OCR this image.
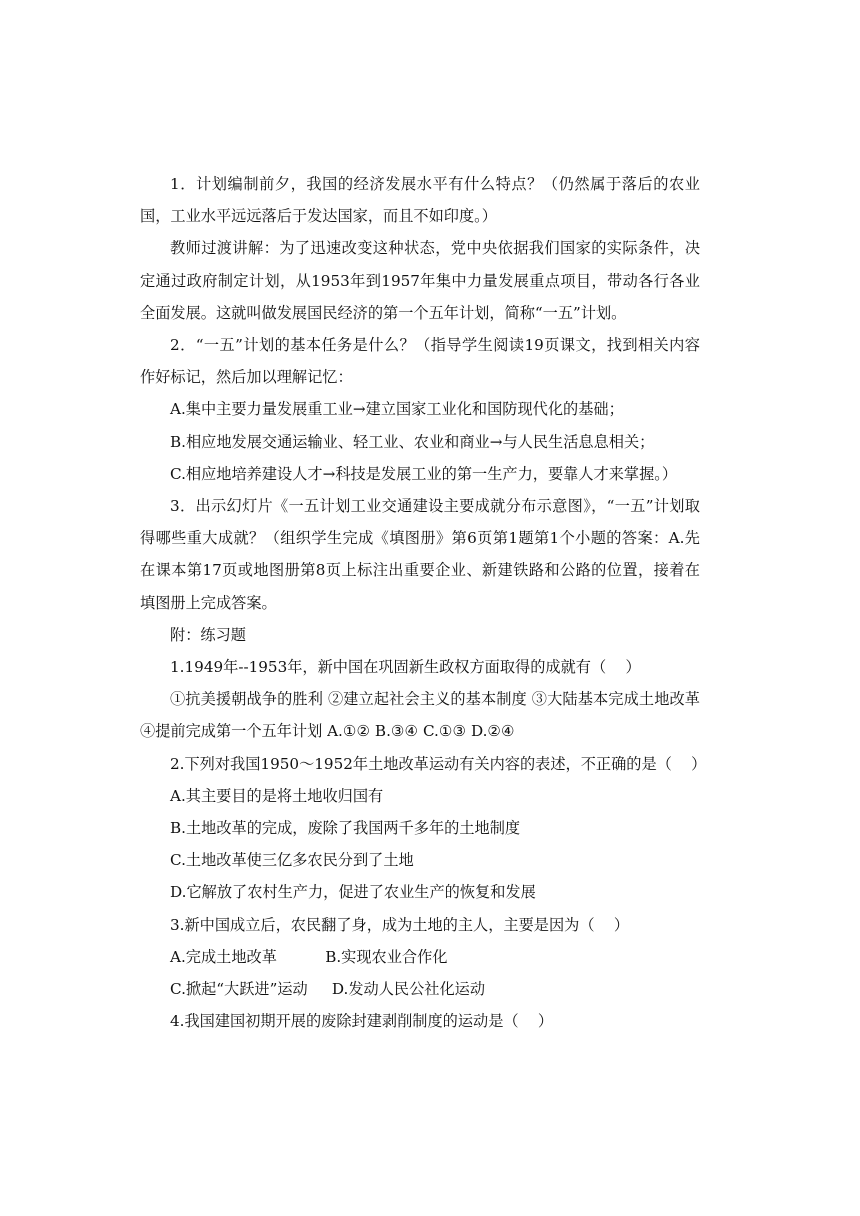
1．计划编制前夕，我国的经济发展水平有什么特点？（仍然属于落后的农业国，工业水平远远落后于发达国家，而且不如印度。）

教师过渡讲解：为了迅速改变这种状态，党中央依据我们国家的实际条件，决定通过政府制定计划，从1953年到1957年集中力量发展重点项目，带动各行各业全面发展。这就叫做发展国民经济的第一个五年计划，简称“一五”计划。

2．“一五”计划的基本任务是什么？（指导学生阅读19页课文，找到相关内容作好标记，然后加以理解记忆：

A.集中主要力量发展重工业→建立国家工业化和国防现代化的基础；

B.相应地发展交通运输业、轻工业、农业和商业→与人民生活息息相关；

C.相应地培养建设人才→科技是发展工业的第一生产力，要靠人才来掌握。）

3．出示幻灯片《一五计划工业交通建设主要成就分布示意图》，“一五”计划取得哪些重大成就？（组织学生完成《填图册》第6页第1题第1个小题的答案：A.先在课本第17页或地图册第8页上标注出重要企业、新建铁路和公路的位置，接着在填图册上完成答案。

附：练习题

1.1949年--1953年，新中国在巩固新生政权方面取得的成就有（    ）

①抗美援朝战争的胜利 ②建立起社会主义的基本制度 ③大陆基本完成土地改革 ④提前完成第一个五年计划 A.①② B.③④ C.①③ D.②④

2.下列对我国1950～1952年土地改革运动有关内容的表述，不正确的是（    ）

A.其主要目的是将土地收归国有

B.土地改革的完成，废除了我国两千多年的土地制度

C.土地改革使三亿多农民分到了土地

D.它解放了农村生产力，促进了农业生产的恢复和发展

3.新中国成立后，农民翻了身，成为土地的主人，主要是因为（    ）

A.完成土地改革          B.实现农业合作化

C.掀起“大跃进”运动     D.发动人民公社化运动

4.我国建国初期开展的废除封建剥削制度的运动是（    ）
